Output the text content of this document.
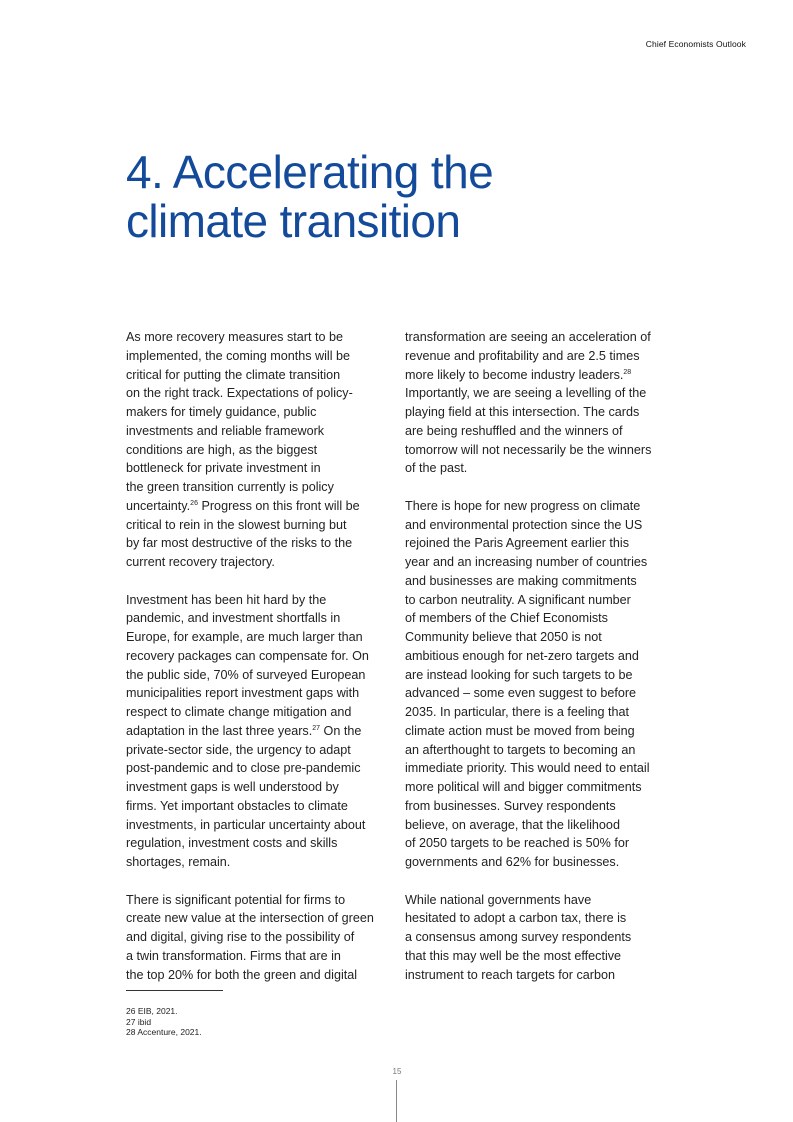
Chief Economists Outlook
4. Accelerating the
climate transition

As more recovery measures start to be
implemented, the coming months will be
critical for putting the climate transition
on the right track. Expectations of policy-
makers for timely guidance, public
investments and reliable framework
conditions are high, as the biggest
bottleneck for private investment in
the green transition currently is policy
uncertainty.$^{26}$ Progress on this front will be
critical to rein in the slowest burning but
by far most destructive of the risks to the
current recovery trajectory.

Investment has been hit hard by the
pandemic, and investment shortfalls in
Europe, for example, are much larger than
recovery packages can compensate for. On
the public side, 70% of surveyed European
municipalities report investment gaps with
respect to climate change mitigation and
adaptation in the last three years.$^{27}$ On the
private-sector side, the urgency to adapt
post-pandemic and to close pre-pandemic
investment gaps is well understood by
firms. Yet important obstacles to climate
investments, in particular uncertainty about
regulation, investment costs and skills
shortages, remain.

There is significant potential for firms to
create new value at the intersection of green
and digital, giving rise to the possibility of
a twin transformation. Firms that are in
the top 20% for both the green and digital

transformation are seeing an acceleration of
revenue and profitability and are 2.5 times
more likely to become industry leaders.$^{28}$
Importantly, we are seeing a levelling of the
playing field at this intersection. The cards
are being reshuffled and the winners of
tomorrow will not necessarily be the winners
of the past.

There is hope for new progress on climate
and environmental protection since the US
rejoined the Paris Agreement earlier this
year and an increasing number of countries
and businesses are making commitments
to carbon neutrality. A significant number
of members of the Chief Economists
Community believe that 2050 is not
ambitious enough for net-zero targets and
are instead looking for such targets to be
advanced – some even suggest to before
2035. In particular, there is a feeling that
climate action must be moved from being
an afterthought to targets to becoming an
immediate priority. This would need to entail
more political will and bigger commitments
from businesses. Survey respondents
believe, on average, that the likelihood
of 2050 targets to be reached is 50% for
governments and 62% for businesses.

While national governments have
hesitated to adopt a carbon tax, there is
a consensus among survey respondents
that this may well be the most effective
instrument to reach targets for carbon

26 EIB, 2021.
27 ibid
28 Accenture, 2021.
15
